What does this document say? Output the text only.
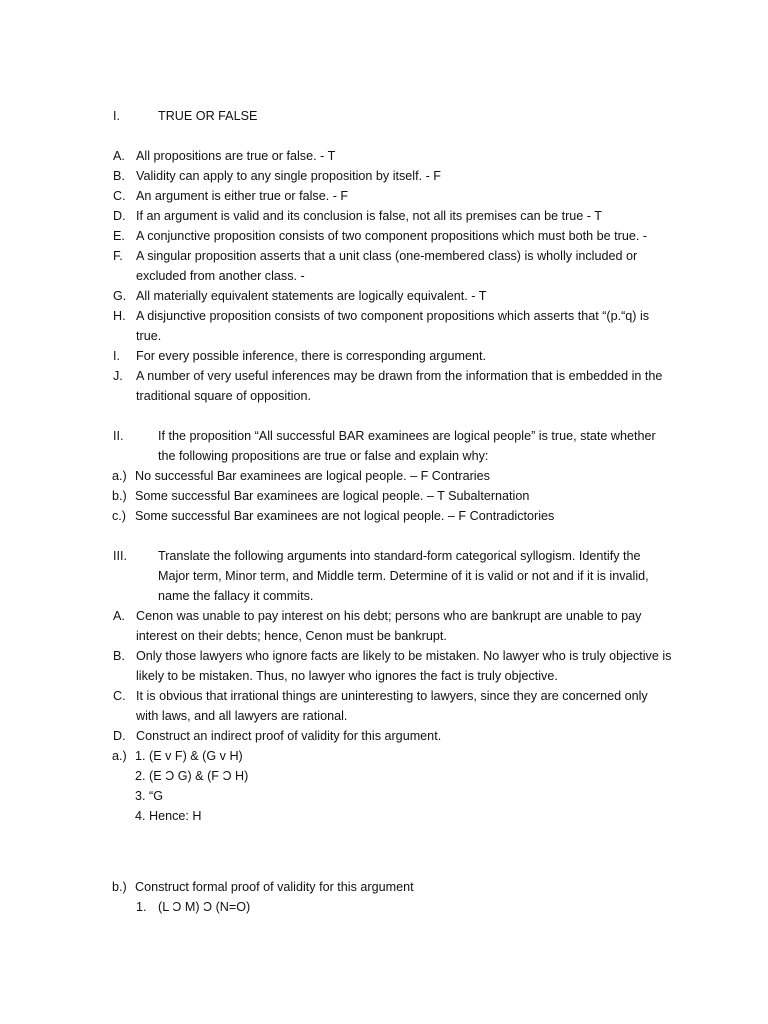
I.	TRUE OR FALSE
A. All propositions are true or false. - T
B. Validity can apply to any single proposition by itself. - F
C. An argument is either true or false. - F
D. If an argument is valid and its conclusion is false, not all its premises can be true - T
E. A conjunctive proposition consists of two component propositions which must both be true. -
F. A singular proposition asserts that a unit class (one-membered class) is wholly included or
excluded from another class. -
G. All materially equivalent statements are logically equivalent. - T
H. A disjunctive proposition consists of two component propositions which asserts that “(p.“q) is
true.
I. For every possible inference, there is corresponding argument.
J. A number of very useful inferences may be drawn from the information that is embedded in the
traditional square of opposition.
II.	If the proposition “All successful BAR examinees are logical people” is true, state whether
the following propositions are true or false and explain why:
a.) No successful Bar examinees are logical people. – F Contraries
b.) Some successful Bar examinees are logical people. – T Subalternation
c.) Some successful Bar examinees are not logical people. – F Contradictories
III. Translate the following arguments into standard-form categorical syllogism. Identify the
Major term, Minor term, and Middle term. Determine of it is valid or not and if it is invalid,
name the fallacy it commits.
A. Cenon was unable to pay interest on his debt; persons who are bankrupt are unable to pay
interest on their debts; hence, Cenon must be bankrupt.
B. Only those lawyers who ignore facts are likely to be mistaken. No lawyer who is truly objective is
likely to be mistaken. Thus, no lawyer who ignores the fact is truly objective.
C. It is obvious that irrational things are uninteresting to lawyers, since they are concerned only
with laws, and all lawyers are rational.
D. Construct an indirect proof of validity for this argument.
a.) 1. (E v F) & (G v H)
2. (E Ɔ G) & (F Ɔ H)
3. “G
4. Hence: H
b.) Construct formal proof of validity for this argument
1. (L Ɔ M) Ɔ (N=O)
